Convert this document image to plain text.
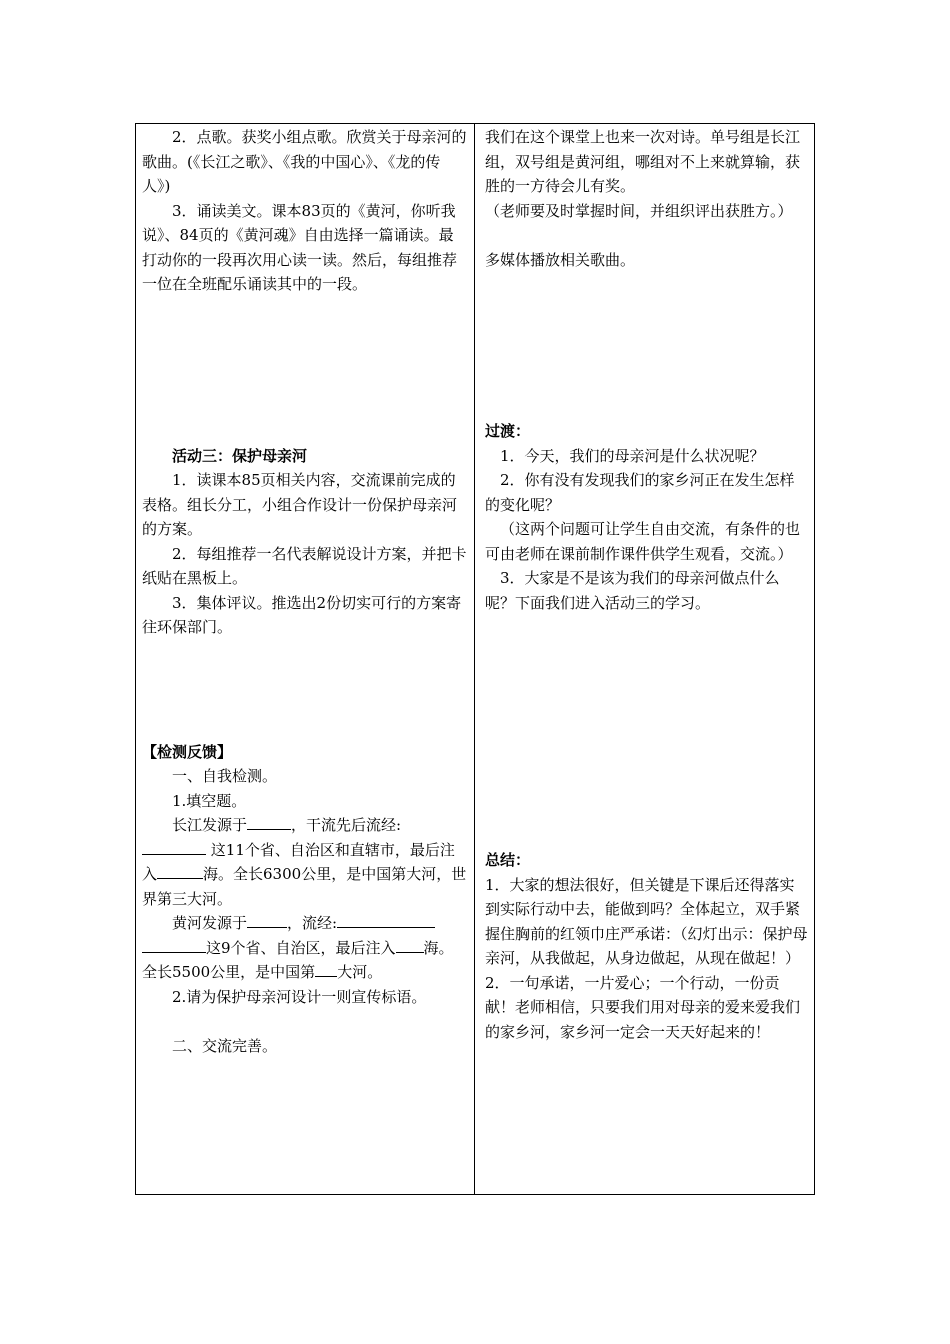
2．点歌。获奖小组点歌。欣赏关于母亲河的歌曲。(《长江之歌》、《我的中国心》、《龙的传人》)

3．诵读美文。课本83页的《黄河，你听我说》、84页的《黄河魂》自由选择一篇诵读。最打动你的一段再次用心读一读。然后，每组推荐一位在全班配乐诵读其中的一段。

活动三：保护母亲河

1．读课本85页相关内容，交流课前完成的表格。组长分工，小组合作设计一份保护母亲河的方案。

2．每组推荐一名代表解说设计方案，并把卡纸贴在黑板上。

3．集体评议。推选出2份切实可行的方案寄往环保部门。

【检测反馈】

一、自我检测。

1.填空题。

长江发源于	，干流先后流经:

这11个省、自治区和直辖市，最后注入	海。全长6300公里，是中国第大河，世界第三大河。

黄河发源于	，流经:

这9个省、自治区，最后注入 海。全长5500公里，是中国第 大河。

2.请为保护母亲河设计一则宣传标语。

二、交流完善。

我们在这个课堂上也来一次对诗。单号组是长江组，双号组是黄河组，哪组对不上来就算输，获胜的一方待会儿有奖。

（老师要及时掌握时间，并组织评出获胜方。）

多媒体播放相关歌曲。

过渡：

1．今天，我们的母亲河是什么状况呢？

2．你有没有发现我们的家乡河正在发生怎样的变化呢？

（这两个问题可让学生自由交流，有条件的也可由老师在课前制作课件供学生观看，交流。）

3．大家是不是该为我们的母亲河做点什么呢？下面我们进入活动三的学习。

总结：

1．大家的想法很好，但关键是下课后还得落实到实际行动中去，能做到吗？全体起立，双手紧握住胸前的红领巾庄严承诺：（幻灯出示：保护母亲河，从我做起，从身边做起，从现在做起！）

2．一句承诺，一片爱心；一个行动，一份贡献！老师相信，只要我们用对母亲的爱来爱我们的家乡河，家乡河一定会一天天好起来的！
